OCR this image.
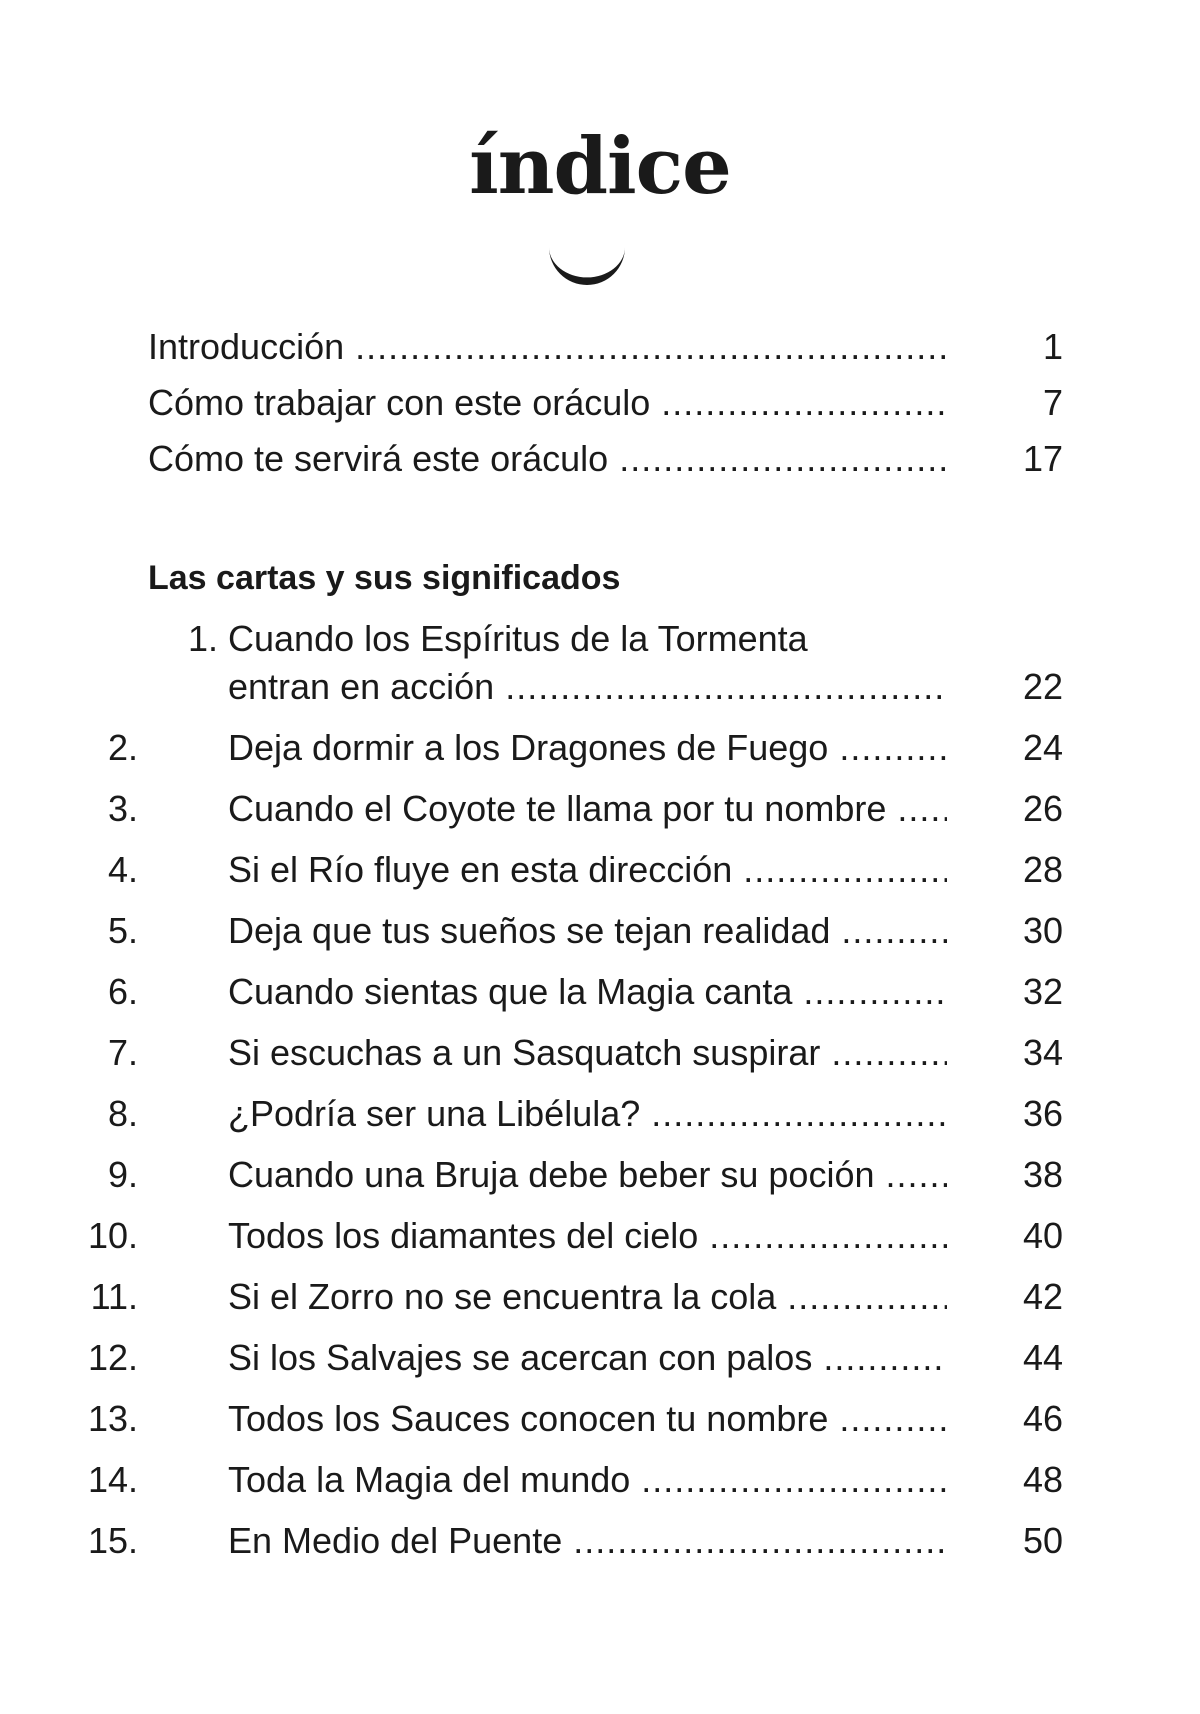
índice
Introducción .....	1
Cómo trabajar con este oráculo .....	7
Cómo te servirá este oráculo .....	17
Las cartas y sus significados
1. Cuando los Espíritus de la Tormenta
entran en acción .....	22
2.	Deja dormir a los Dragones de Fuego .....	24
3.	Cuando el Coyote te llama por tu nombre .....	26
4.	Si el Río fluye en esta dirección .....	28
5.	Deja que tus sueños se tejan realidad .....	30
6.	Cuando sientas que la Magia canta .....	32
7.	Si escuchas a un Sasquatch suspirar .....	34
8.	¿Podría ser una Libélula? .....	36
9.	Cuando una Bruja debe beber su poción .....	38
10. Todos los diamantes del cielo .....	40
11.	Si el Zorro no se encuentra la cola .....	42
12. Si los Salvajes se acercan con palos .....	44
13. Todos los Sauces conocen tu nombre .....	46
14. Toda la Magia del mundo .....	48
15. En Medio del Puente .....	50
